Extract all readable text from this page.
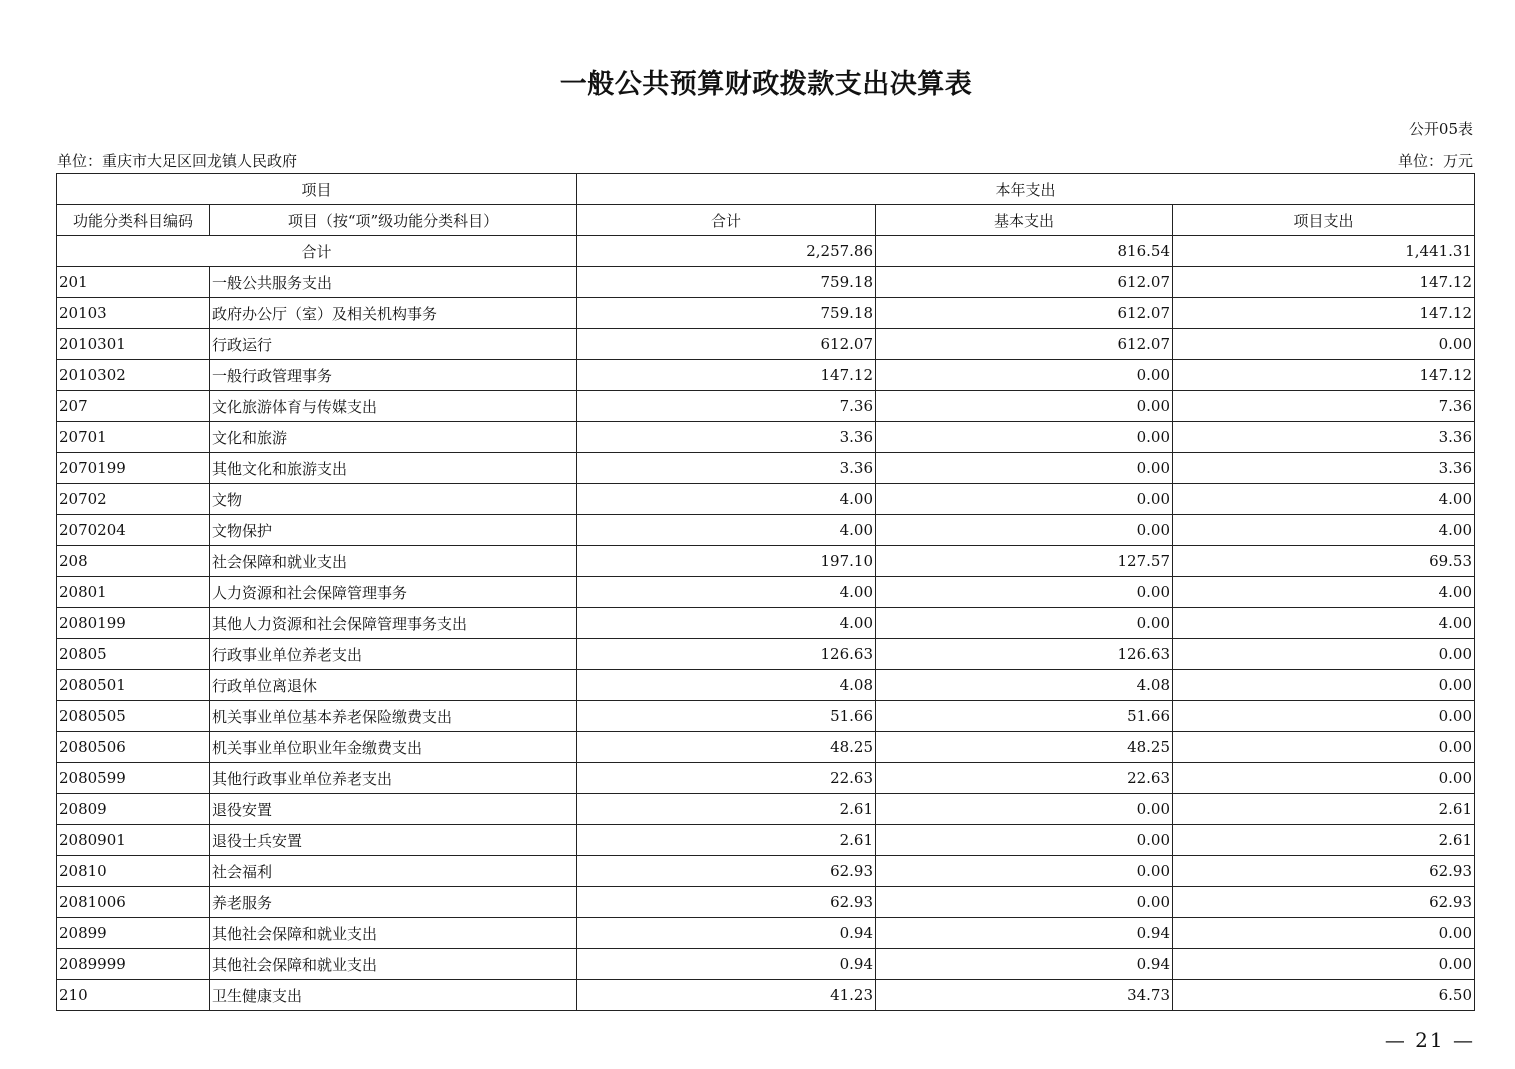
一般公共预算财政拨款支出决算表
公开05表
单位：重庆市大足区回龙镇人民政府	单位：万元
项目		本年支出		
功能分类科目编码	项目（按“项”级功能分类科目）	合计	基本支出	项目支出
合计		2,257.86	816.54	1,441.31
201	一般公共服务支出	759.18	612.07	147.12
20103	政府办公厅（室）及相关机构事务	759.18	612.07	147.12
2010301	行政运行	612.07	612.07	0.00
2010302	一般行政管理事务	147.12	0.00	147.12
207	文化旅游体育与传媒支出	7.36	0.00	7.36
20701	文化和旅游	3.36	0.00	3.36
2070199	其他文化和旅游支出	3.36	0.00	3.36
20702	文物	4.00	0.00	4.00
2070204	文物保护	4.00	0.00	4.00
208	社会保障和就业支出	197.10	127.57	69.53
20801	人力资源和社会保障管理事务	4.00	0.00	4.00
2080199	其他人力资源和社会保障管理事务支出	4.00	0.00	4.00
20805	行政事业单位养老支出	126.63	126.63	0.00
2080501	行政单位离退休	4.08	4.08	0.00
2080505	机关事业单位基本养老保险缴费支出	51.66	51.66	0.00
2080506	机关事业单位职业年金缴费支出	48.25	48.25	0.00
2080599	其他行政事业单位养老支出	22.63	22.63	0.00
20809	退役安置	2.61	0.00	2.61
2080901	退役士兵安置	2.61	0.00	2.61
20810	社会福利	62.93	0.00	62.93
2081006	养老服务	62.93	0.00	62.93
20899	其他社会保障和就业支出	0.94	0.94	0.00
2089999	其他社会保障和就业支出	0.94	0.94	0.00
210	卫生健康支出	41.23	34.73	6.50
— 21 —
